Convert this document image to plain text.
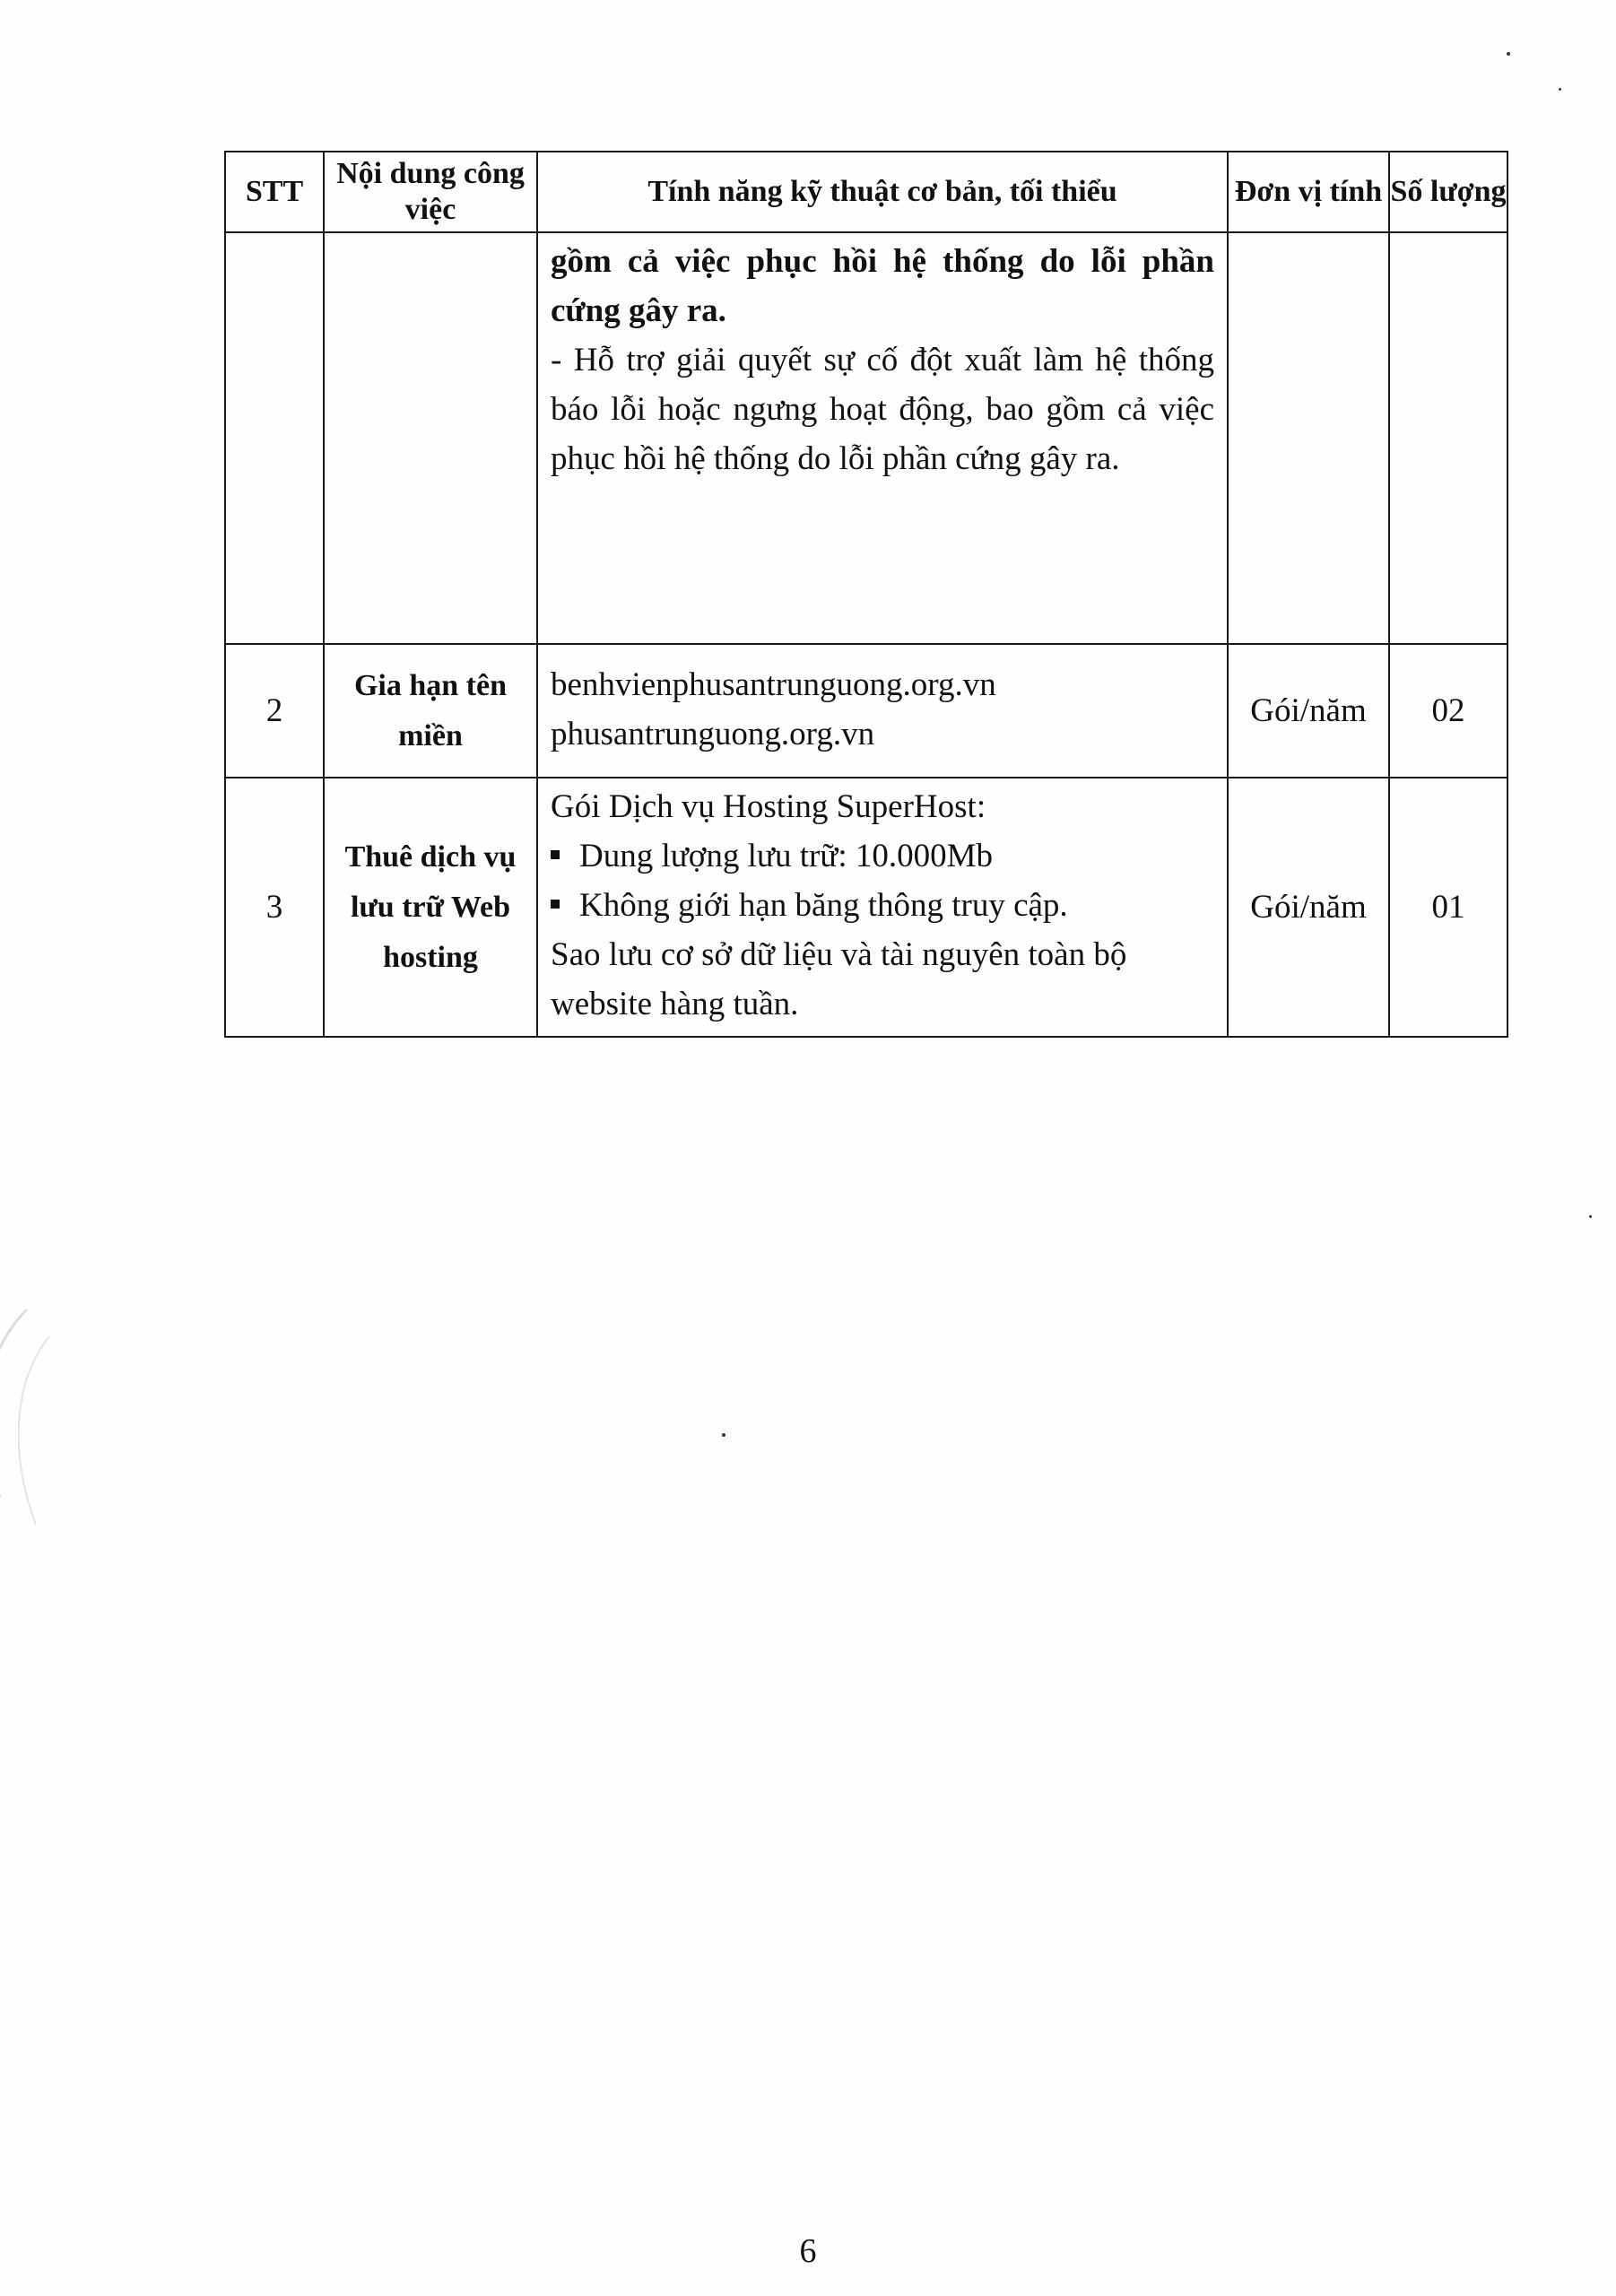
STT	Nội dung công việc	Tính năng kỹ thuật cơ bản, tối thiểu	Đơn vị tính	Số lượng

		gồm cả việc phục hồi hệ thống do lỗi phần cứng gây ra.
- Hỗ trợ giải quyết sự cố đột xuất làm hệ thống báo lỗi hoặc ngưng hoạt động, bao gồm cả việc phục hồi hệ thống do lỗi phần cứng gây ra.		

2	Gia hạn tên miền	benhvienphusantrunguong.org.vn
phusantrunguong.org.vn	Gói/năm	02
3	Thuê dịch vụ lưu trữ Web hosting	Gói Dịch vụ Hosting SuperHost:
Dung lượng lưu trữ: 10.000Mb
Không giới hạn băng thông truy cập.
Sao lưu cơ sở dữ liệu và tài nguyên toàn bộ website hàng tuần.	Gói/năm	01
6
